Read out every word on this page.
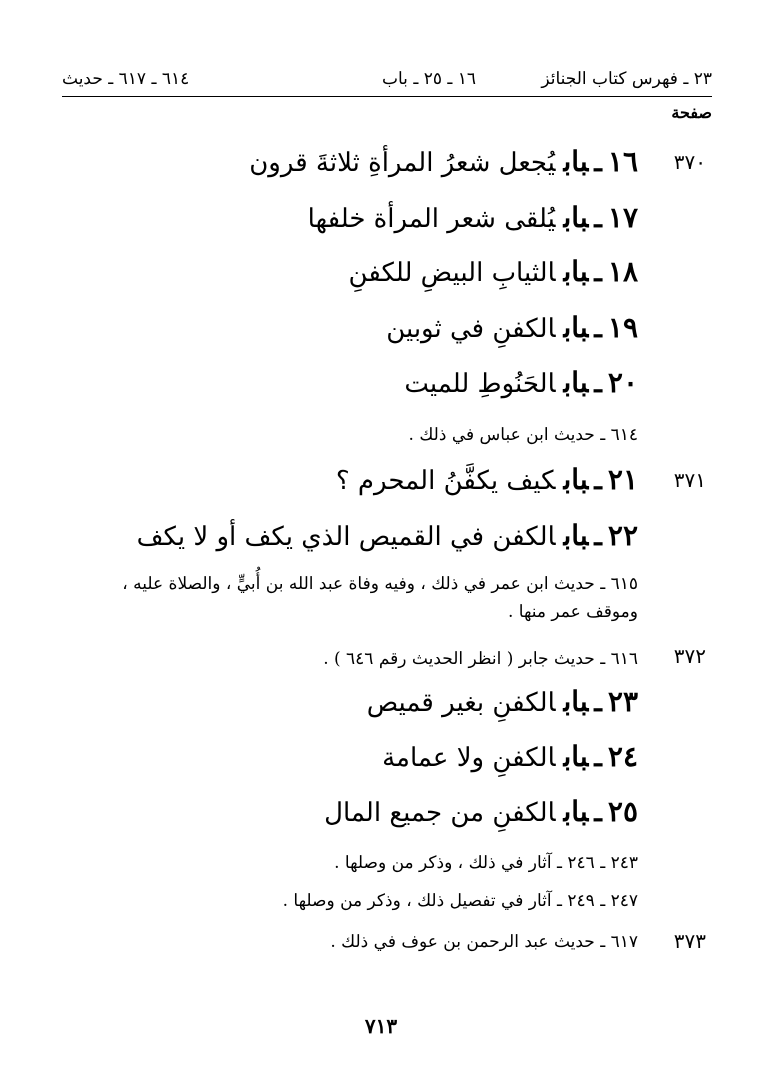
٢٣ ـ فهرس كتاب الجنائز
١٦ ـ ٢٥ ـ باب
٦١٤ ـ ٦١٧ ـ حديث
صفحة
٣٧٠
٣٧١
٣٧٢
٣٧٣
١٦ـبابيُجعل شعرُ المرأةِ ثلاثةَ قرون
١٧ـبابيُلقى شعر المرأة خلفها
١٨ـبابالثيابِ البيضِ للكفنِ
١٩ـبابالكفنِ في ثوبين
٢٠ـبابالحَنُوطِ للميت
٦١٤ ـ حديث ابن عباس في ذلك .
٢١ـبابكيف يكفَّنُ المحرم ؟
٢٢ـبابالكفن في القميص الذي يكف أو لا يكف
٦١٥ ـ حديث ابن عمر في ذلك ، وفيه وفاة عبد الله بن أُبيٍّ ، والصلاة عليه ، وموقف عمر منها .
٦١٦ ـ حديث جابر ( انظر الحديث رقم ٦٤٦ ) .
٢٣ـبابالكفنِ بغير قميص
٢٤ـبابالكفنِ ولا عمامة
٢٥ـبابالكفنِ من جميع المال
٢٤٣ ـ ٢٤٦ ـ آثار في ذلك ، وذكر من وصلها .
٢٤٧ ـ ٢٤٩ ـ آثار في تفصيل ذلك ، وذكر من وصلها .
٦١٧ ـ حديث عبد الرحمن بن عوف في ذلك .
٧١٣
